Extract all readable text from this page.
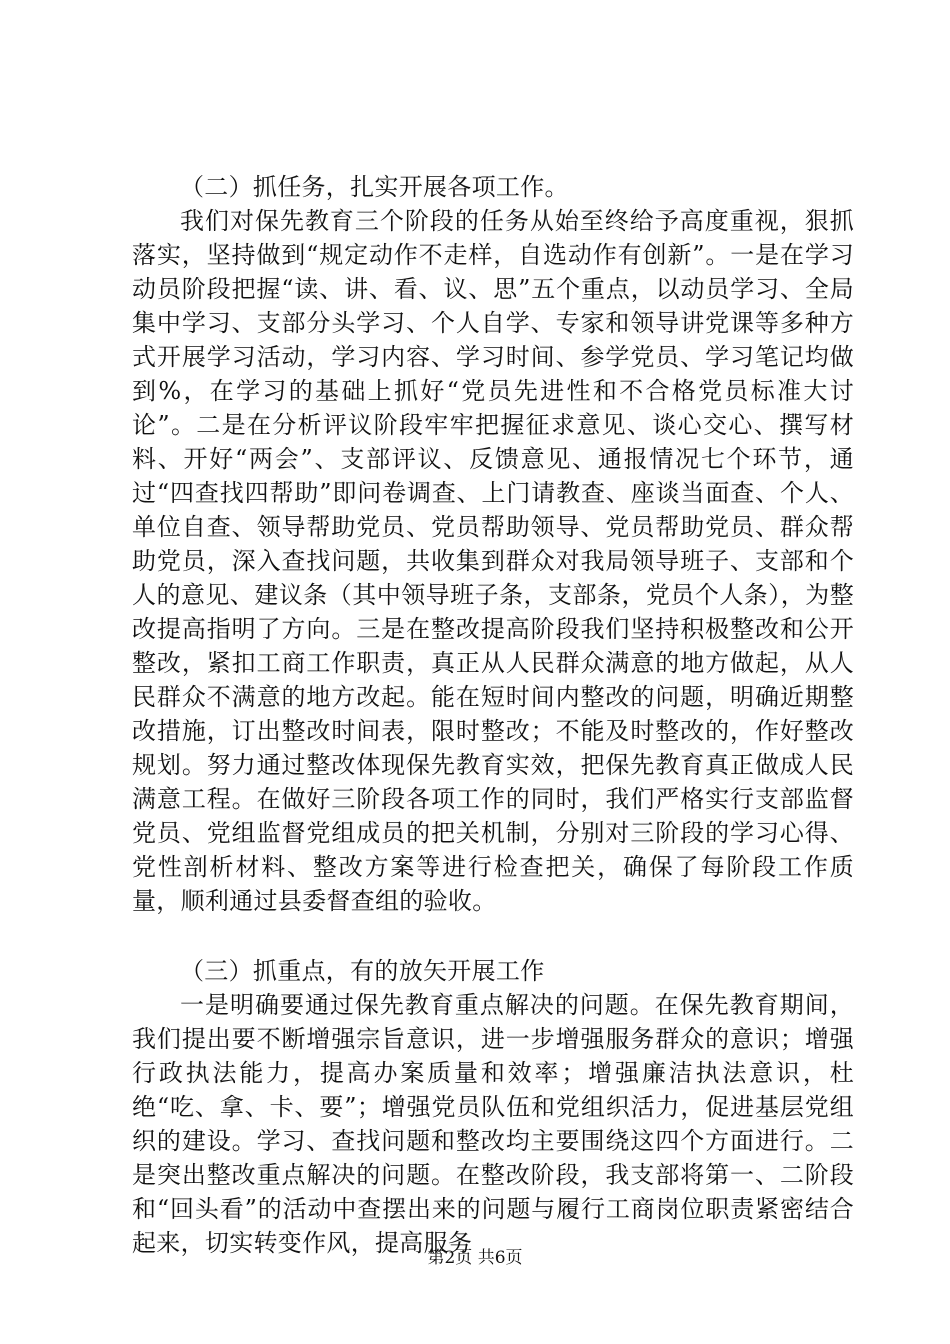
（二）抓任务，扎实开展各项工作。

我们对保先教育三个阶段的任务从始至终给予高度重视，狠抓落实，坚持做到“规定动作不走样，自选动作有创新”。一是在学习动员阶段把握“读、讲、看、议、思”五个重点，以动员学习、全局集中学习、支部分头学习、个人自学、专家和领导讲党课等多种方式开展学习活动，学习内容、学习时间、参学党员、学习笔记均做到%，在学习的基础上抓好“党员先进性和不合格党员标准大讨论”。二是在分析评议阶段牢牢把握征求意见、谈心交心、撰写材料、开好“两会”、支部评议、反馈意见、通报情况七个环节，通过“四查找四帮助”即问卷调查、上门请教查、座谈当面查、个人、单位自查、领导帮助党员、党员帮助领导、党员帮助党员、群众帮助党员，深入查找问题，共收集到群众对我局领导班子、支部和个人的意见、建议条（其中领导班子条，支部条，党员个人条），为整改提高指明了方向。三是在整改提高阶段我们坚持积极整改和公开整改，紧扣工商工作职责，真正从人民群众满意的地方做起，从人民群众不满意的地方改起。能在短时间内整改的问题，明确近期整改措施，订出整改时间表，限时整改；不能及时整改的，作好整改规划。努力通过整改体现保先教育实效，把保先教育真正做成人民满意工程。在做好三阶段各项工作的同时，我们严格实行支部监督党员、党组监督党组成员的把关机制，分别对三阶段的学习心得、党性剖析材料、整改方案等进行检查把关，确保了每阶段工作质量，顺利通过县委督查组的验收。

（三）抓重点，有的放矢开展工作

一是明确要通过保先教育重点解决的问题。在保先教育期间，我们提出要不断增强宗旨意识，进一步增强服务群众的意识；增强行政执法能力，提高办案质量和效率；增强廉洁执法意识，杜绝“吃、拿、卡、要”；增强党员队伍和党组织活力，促进基层党组织的建设。学习、查找问题和整改均主要围绕这四个方面进行。二是突出整改重点解决的问题。在整改阶段，我支部将第一、二阶段和“回头看”的活动中查摆出来的问题与履行工商岗位职责紧密结合起来，切实转变作风，提高服务

第2页 共6页
